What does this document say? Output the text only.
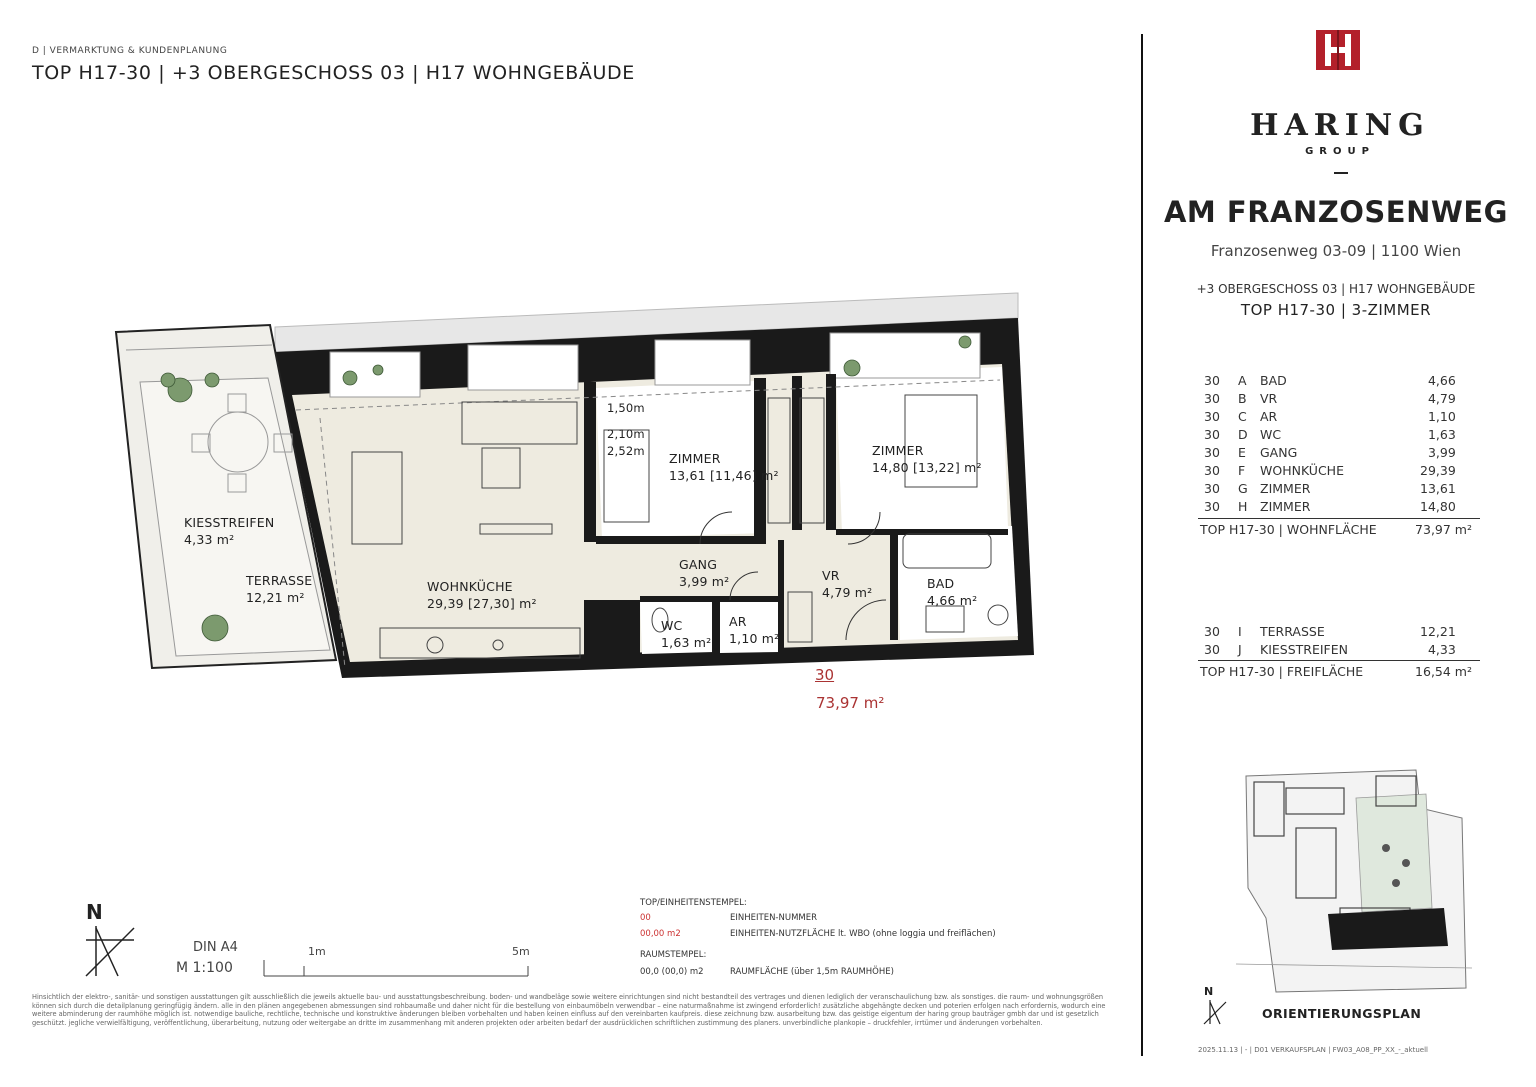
D | VERMARKTUNG & KUNDENPLANUNG
TOP H17-30 | +3 OBERGESCHOSS 03 | H17 WOHNGEBÄUDE
KIESSTREIFEN
4,33 m²
TERRASSE
12,21 m²
WOHNKÜCHE
29,39 [27,30] m²
ZIMMER
13,61 [11,46] m²
ZIMMER
14,80 [13,22] m²
GANG
3,99 m²
WC
1,63 m²
AR
1,10 m²
VR
4,79 m²
BAD
4,66 m²
1,50m
2,10m
2,52m
30
73,97 m²
N
DIN A4
M 1:100
1m	5m
TOP/EINHEITENSTEMPEL:
00	EINHEITEN-NUMMER
00,00 m2	EINHEITEN-NUTZFLÄCHE lt. WBO (ohne loggia und freiflächen)
RAUMSTEMPEL:
00,0 (00,0) m2	RAUMFLÄCHE (über 1,5m RAUMHÖHE)
Hinsichtlich der elektro-, sanitär- und sonstigen ausstattungen gilt ausschließlich die jeweils aktuelle bau- und ausstattungsbeschreibung. boden- und wandbeläge sowie weitere einrichtungen sind nicht bestandteil des vertrages und dienen lediglich der veranschaulichung bzw. als sonstiges. die raum- und wohnungsgrößen können sich durch die detailplanung geringfügig ändern. alle in den plänen angegebenen abmessungen sind rohbaumaße und daher nicht für die bestellung von einbaumöbeln verwendbar – eine naturmaßnahme ist zwingend erforderlich! zusätzliche abgehängte decken und poterien erfolgen nach erfordernis, wodurch eine weitere abminderung der raumhöhe möglich ist. notwendige bauliche, rechtliche, technische und konstruktive änderungen bleiben vorbehalten und haben keinen einfluss auf den vereinbarten kaufpreis. diese zeichnung bzw. ausarbeitung bzw. das geistige eigentum der haring group bauträger gmbh dar und ist gesetzlich geschützt. jegliche verwielfältigung, veröffentlichung, überarbeitung, nutzung oder weitergabe an dritte im zusammenhang mit anderen projekten oder arbeiten bedarf der ausdrücklichen schriftlichen zustimmung des planers. unverbindliche plankopie – druckfehler, irrtümer und änderungen vorbehalten.
HARING
GROUP
AM FRANZOSENWEG
Franzosenweg 03-09 | 1100 Wien
+3 OBERGESCHOSS 03 | H17 WOHNGEBÄUDE
TOP H17-30 | 3-ZIMMER
30	A	BAD	4,66
30	B	VR	4,79
30	C	AR	1,10
30	D	WC	1,63
30	E	GANG	3,99
30	F	WOHNKÜCHE	29,39
30	G	ZIMMER	13,61
30	H	ZIMMER	14,80
TOP H17-30 | WOHNFLÄCHE	73,97 m²
30	I	TERRASSE	12,21
30	J	KIESSTREIFEN	4,33
TOP H17-30 | FREIFLÄCHE	16,54 m²
N
ORIENTIERUNGSPLAN
2025.11.13 | - | D01 VERKAUFSPLAN | FW03_A08_PP_XX_-_aktuell
